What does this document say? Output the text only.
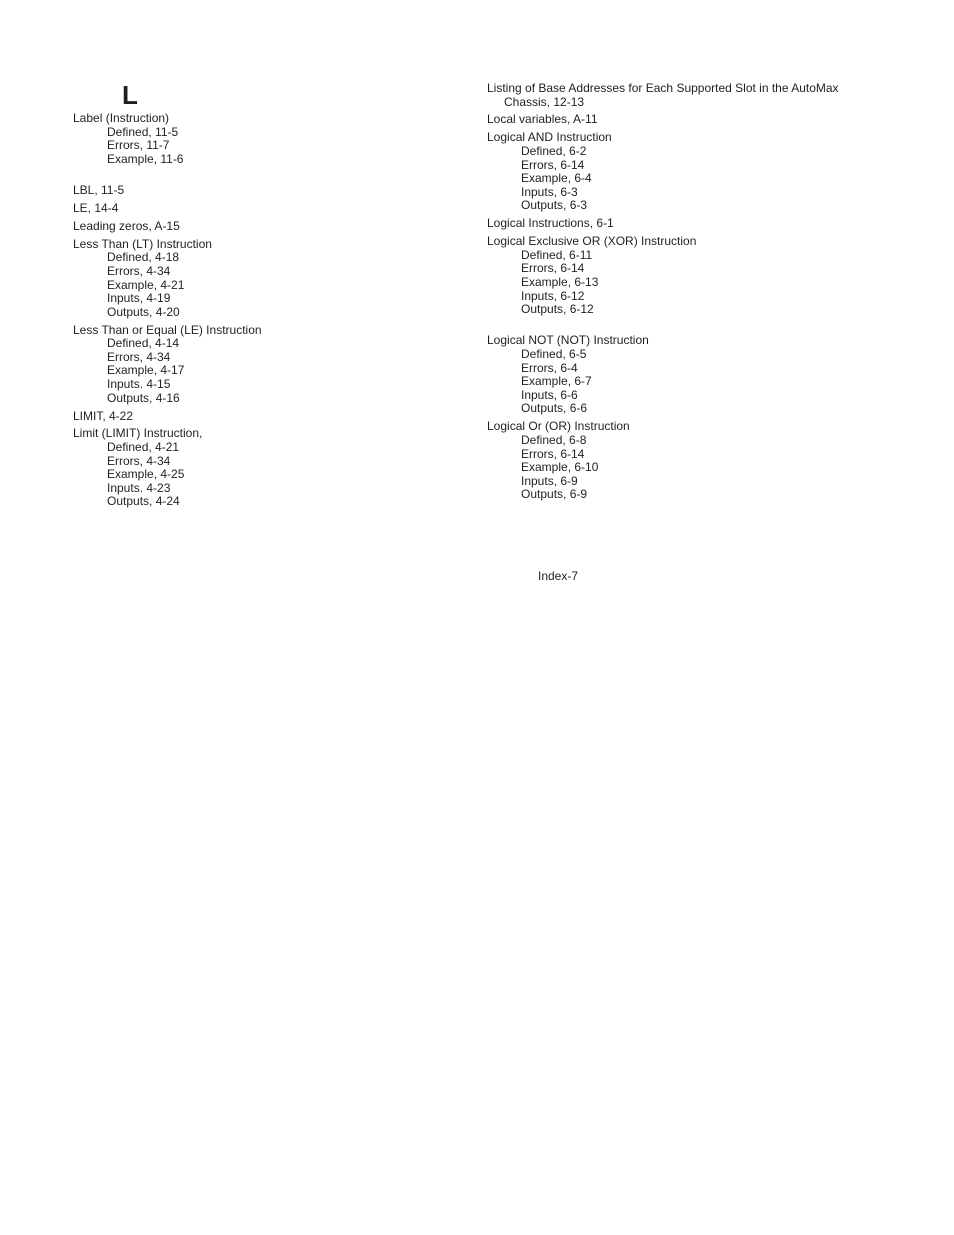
L
Label (Instruction)
Defined, 11-5
Errors, 11-7
Example, 11-6
LBL, 11-5
LE, 14-4
Leading zeros, A-15
Less Than (LT) Instruction
Defined, 4-18
Errors, 4-34
Example, 4-21
Inputs, 4-19
Outputs, 4-20
Less Than or Equal (LE) Instruction
Defined, 4-14
Errors, 4-34
Example, 4-17
Inputs. 4-15
Outputs, 4-16
LIMIT, 4-22
Limit (LIMIT) Instruction,
Defined, 4-21
Errors, 4-34
Example, 4-25
Inputs. 4-23
Outputs, 4-24
Listing of Base Addresses for Each Supported Slot in the AutoMax
Chassis, 12-13
Local variables, A-11
Logical AND Instruction
Defined, 6-2
Errors, 6-14
Example, 6-4
Inputs, 6-3
Outputs, 6-3
Logical Instructions, 6-1
Logical Exclusive OR (XOR) Instruction
Defined, 6-11
Errors, 6-14
Example, 6-13
Inputs, 6-12
Outputs, 6-12
Logical NOT (NOT) Instruction
Defined, 6-5
Errors, 6-4
Example, 6-7
Inputs, 6-6
Outputs, 6-6
Logical Or (OR) Instruction
Defined, 6-8
Errors, 6-14
Example, 6-10
Inputs, 6-9
Outputs, 6-9
Index-7
